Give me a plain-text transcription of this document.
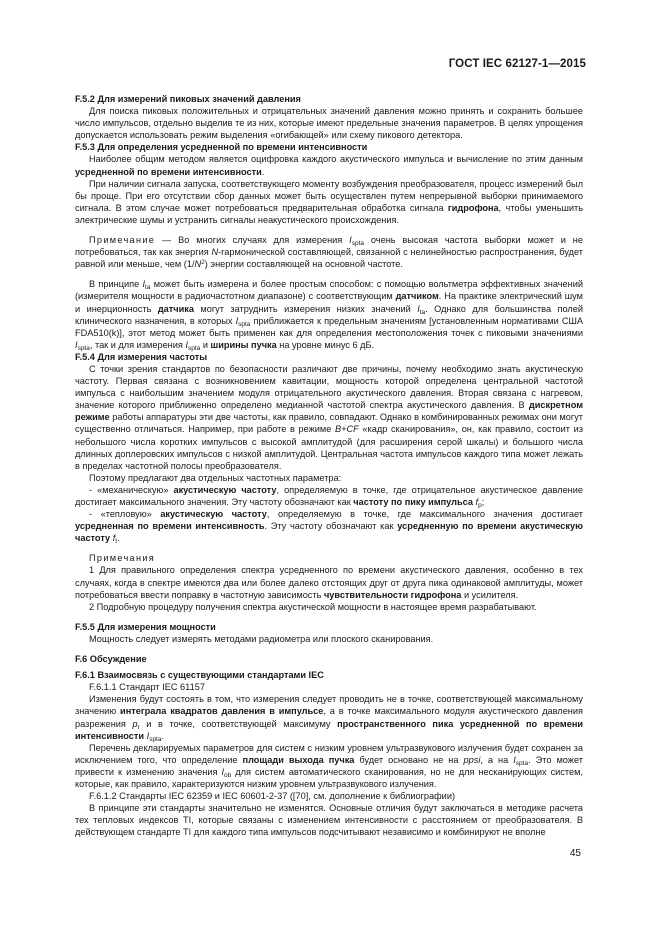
ГОСТ IEC 62127-1—2015

F.5.2 Для измерений пиковых значений давления

Для поиска пиковых положительных и отрицательных значений давления можно принять и сохранить большее число импульсов, отдельно выделив те из них, которые имеют предельные значения параметров. В целях упрощения допускается использовать режим выделения «огибающей» или схему пикового детектора.

F.5.3 Для определения усредненной по времени интенсивности

Наиболее общим методом является оцифровка каждого акустического импульса и вычисление по этим данным усредненной по времени интенсивности.

При наличии сигнала запуска, соответствующего моменту возбуждения преобразователя, процесс измерений был бы проще. При его отсутствии сбор данных может быть осуществлен путем непрерывной выборки принимаемого сигнала. В этом случае может потребоваться предварительная обработка сигнала гидрофона, чтобы уменьшить электрические шумы и устранить сигналы неакустического происхождения.

Примечание — Во многих случаях для измерения $I_{spta}$ очень высокая частота выборки может и не потребоваться, так как энергия N-гармонической составляющей, связанной с нелинейностью распространения, будет равной или меньше, чем $(1/N^2)$ энергии составляющей на основной частоте.

В принципе $I_{ta}$ может быть измерена и более простым способом: с помощью вольтметра эффективных значений (измерителя мощности в радиочастотном диапазоне) с соответствующим датчиком. На практике электрический шум и инерционность датчика могут затруднить измерения низких значений $I_{ta}$. Однако для большинства полей клинического назначения, в которых $I_{spta}$ приближается к предельным значениям [установленным нормативами США FDA510(k)], этот метод может быть применен как для определения местоположения точек с пиковыми значениями $I_{spta}$, так и для измерения $I_{spta}$ и ширины пучка на уровне минус 6 дБ.

F.5.4 Для измерения частоты

С точки зрения стандартов по безопасности различают две причины, почему необходимо знать акустическую частоту. Первая связана с возникновением кавитации, мощность которой определена центральной частотой импульса с наибольшим значением модуля отрицательного акустического давления. Вторая связана с нагревом, значение которого приближенно определено медианной частотой спектра акустического давления. В дискретном режиме работы аппаратуры эти две частоты, как правило, совпадают. Однако в комбинированных режимах они могут существенно отличаться. Например, при работе в режиме B+CF «кадр сканирования», он, как правило, состоит из небольшого числа коротких импульсов с высокой амплитудой (для расширения серой шкалы) и большого числа длинных доплеровских импульсов с низкой амплитудой. Центральная частота импульсов каждого типа может лежать в пределах частотной полосы преобразователя.

Поэтому предлагают два отдельных частотных параметра:

- «механическую» акустическую частоту, определяемую в точке, где отрицательное акустическое давление достигает максимального значения. Эту частоту обозначают как частоту по пику импульса $f_p$;

- «тепловую» акустическую частоту, определяемую в точке, где максимального значения достигает усредненная по времени интенсивность. Эту частоту обозначают как усредненную по времени акустическую частоту $f_t$.

Примечания

1 Для правильного определения спектра усредненного по времени акустического давления, особенно в тех случаях, когда в спектре имеются два или более далеко отстоящих друг от друга пика одинаковой амплитуды, может потребоваться ввести поправку в частотную зависимость чувствительности гидрофона и усилителя.

2 Подробную процедуру получения спектра акустической мощности в настоящее время разрабатывают.

F.5.5 Для измерения мощности

Мощность следует измерять методами радиометра или плоского сканирования.

F.6 Обсуждение

F.6.1 Взаимосвязь с существующими стандартами IEC

F.6.1.1 Стандарт IEC 61157

Изменения будут состоять в том, что измерения следует проводить не в точке, соответствующей максимальному значению интеграла квадратов давления в импульсе, а в точке максимального модуля акустического давления разрежения $p_r$ и в точке, соответствующей максимуму пространственного пика усредненной по времени интенсивности $I_{spta}$.

Перечень декларируемых параметров для систем с низким уровнем ультразвукового излучения будет сохранен за исключением того, что определение площади выхода пучка будет основано не на ppsi, а на $I_{spta}$. Это может привести к изменению значения $I_{ob}$ для систем автоматического сканирования, но не для несканирующих систем, которые, как правило, характеризуются низким уровнем ультразвукового излучения.

F.6.1.2 Стандарты IEC 62359 и IEC 60601-2-37 ([70], см. дополнение к библиографии)

В принципе эти стандарты значительно не изменятся. Основные отличия будут заключаться в методике расчета тех тепловых индексов TI, которые связаны с изменением интенсивности с расстоянием от преобразователя. В действующем стандарте TI для каждого типа импульсов подсчитывают независимо и комбинируют не вполне

45
